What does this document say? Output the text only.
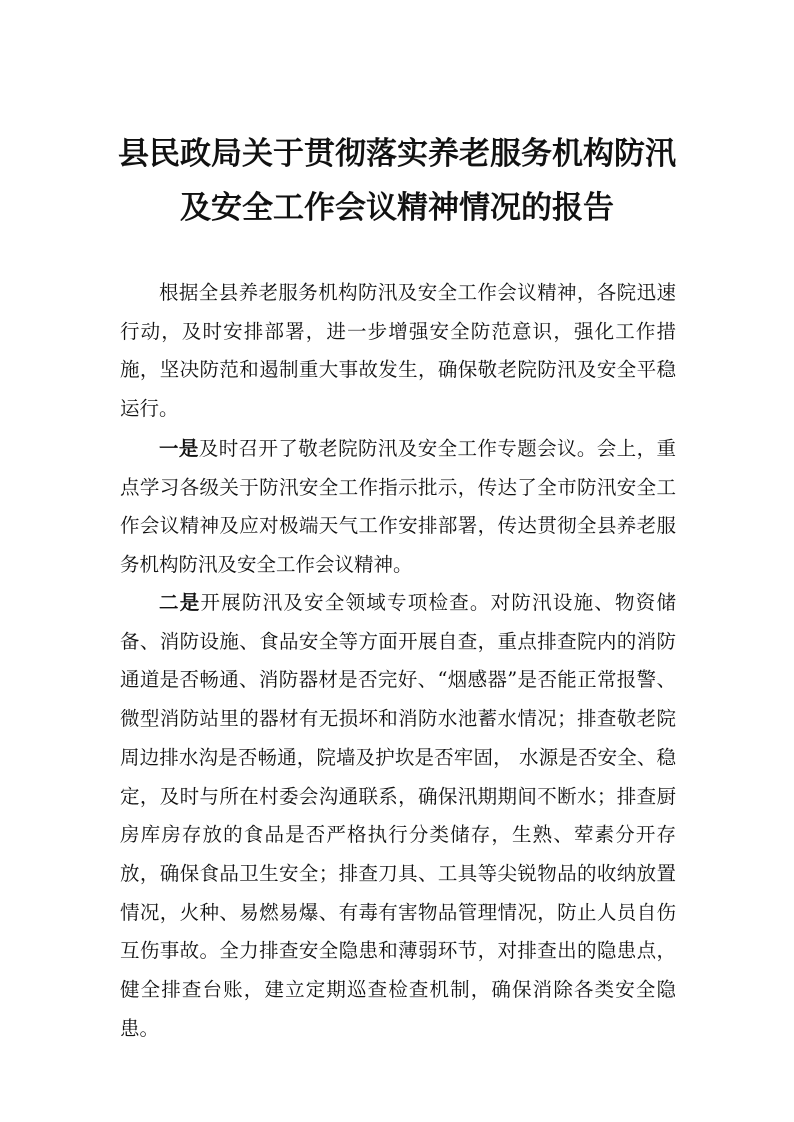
县民政局关于贯彻落实养老服务机构防汛
及安全工作会议精神情况的报告
根据全县养老服务机构防汛及安全工作会议精神，各院迅速行动，及时安排部署，进一步增强安全防范意识，强化工作措施，坚决防范和遏制重大事故发生，确保敬老院防汛及安全平稳运行。
一是及时召开了敬老院防汛及安全工作专题会议。会上，重点学习各级关于防汛安全工作指示批示，传达了全市防汛安全工作会议精神及应对极端天气工作安排部署，传达贯彻全县养老服务机构防汛及安全工作会议精神。
二是开展防汛及安全领域专项检查。对防汛设施、物资储备、消防设施、食品安全等方面开展自查，重点排查院内的消防通道是否畅通、消防器材是否完好、“烟感器”是否能正常报警、微型消防站里的器材有无损坏和消防水池蓄水情况；排查敬老院周边排水沟是否畅通，院墙及护坎是否牢固， 水源是否安全、稳定，及时与所在村委会沟通联系，确保汛期期间不断水；排查厨房库房存放的食品是否严格执行分类储存，生熟、荤素分开存放，确保食品卫生安全；排查刀具、工具等尖锐物品的收纳放置情况，火种、易燃易爆、有毒有害物品管理情况，防止人员自伤互伤事故。全力排查安全隐患和薄弱环节，对排查出的隐患点，健全排查台账，建立定期巡查检查机制，确保消除各类安全隐患。
